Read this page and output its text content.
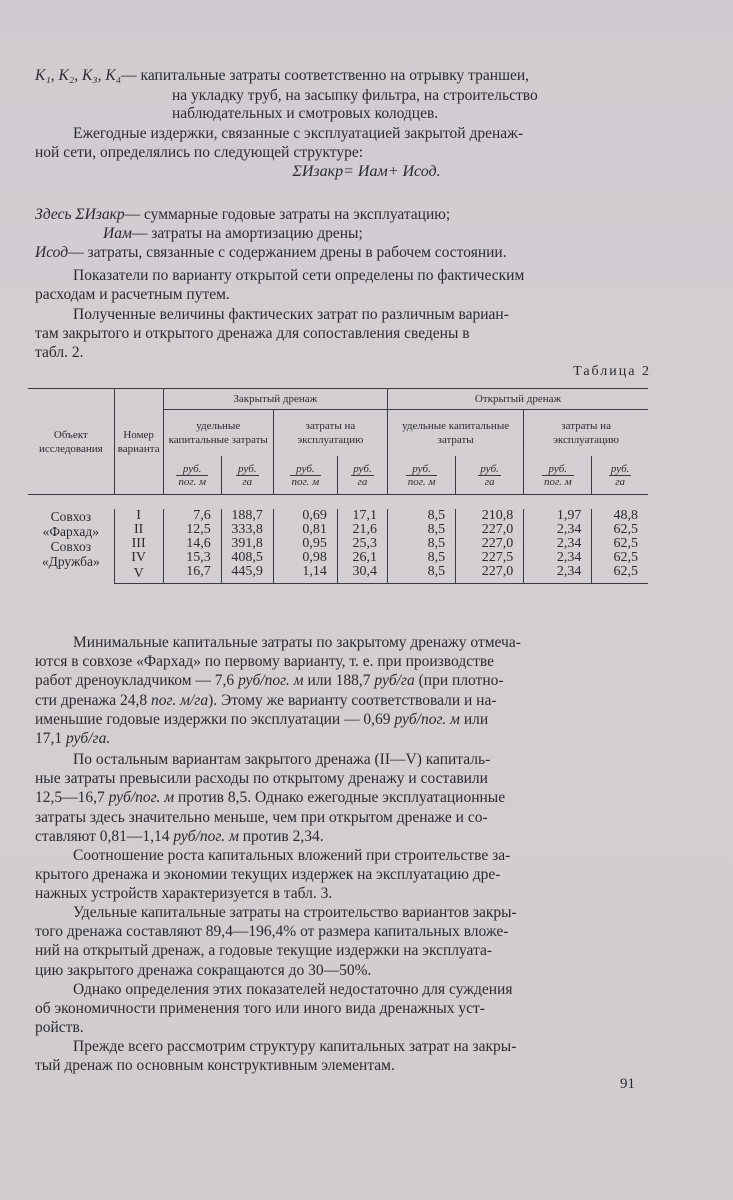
K₁, K₂, K₃, K₄— капитальные затраты соответственно на отрывку траншеи,
на укладку труб, на засыпку фильтра, на строительство
наблюдательных и смотровых колодцев.
Ежегодные издержки, связанные с эксплуатацией закрытой дренаж-
ной сети, определялись по следующей структуре:
ΣИзакр= Иам+ Исод.
Здесь ΣИзакр— суммарные годовые затраты на эксплуатацию;
Иам— затраты на амортизацию дрены;
Исод— затраты, связанные с содержанием дрены в рабочем состоянии.
Показатели по варианту открытой сети определены по фактическим
расходам и расчетным путем.
Полученные величины фактических затрат по различным вариан-
там закрытого и открытого дренажа для сопоставления сведены в
табл. 2.
Таблица 2
Объект исследования	Номер варианта	Закрытый дренаж				Открытый дренаж			
		удельные капитальные затраты		затраты на эксплуатацию		удельные капитальные затраты		затраты на эксплуатацию	

		$\frac{\text{руб.}}{\text{пог. м}}$	$\frac{\text{руб.}}{га}$	$\frac{\text{руб.}}{\text{пог. м}}$	$\frac{\text{руб.}}{га}$	$\frac{\text{руб.}}{\text{пог. м}}$	$\frac{\text{руб.}}{га}$	$\frac{\text{руб.}}{\text{пог. м}}$	$\frac{\text{руб.}}{га}$

Совхоз
«Фархад»
Совхоз
«Дружба»	I	7,6	188,7	0,69	17,1	8,5	210,8	1,97	48,8
	II	12,5	333,8	0,81	21,6	8,5	227,0	2,34	62,5
	III	14,6	391,8	0,95	25,3	8,5	227,0	2,34	62,5
	IV	15,3	408,5	0,98	26,1	8,5	227,5	2,34	62,5
	V	16,7	445,9	1,14	30,4	8,5	227,0	2,34	62,5
Минимальные капитальные затраты по закрытому дренажу отмеча-
ются в совхозе «Фархад» по первому варианту, т. е. при производстве
работ дреноукладчиком — 7,6 руб/пог. м или 188,7 руб/га (при плотно-
сти дренажа 24,8 пог. м/га). Этому же варианту соответствовали и на-
именьшие годовые издержки по эксплуатации — 0,69 руб/пог. м или
17,1 руб/га.
По остальным вариантам закрытого дренажа (II—V) капиталь-
ные затраты превысили расходы по открытому дренажу и составили
12,5—16,7 руб/пог. м против 8,5. Однако ежегодные эксплуатационные
затраты здесь значительно меньше, чем при открытом дренаже и со-
ставляют 0,81—1,14 руб/пог. м против 2,34.
Соотношение роста капитальных вложений при строительстве за-
крытого дренажа и экономии текущих издержек на эксплуатацию дре-
нажных устройств характеризуется в табл. 3.
Удельные капитальные затраты на строительство вариантов закры-
того дренажа составляют 89,4—196,4% от размера капитальных вложе-
ний на открытый дренаж, а годовые текущие издержки на эксплуата-
цию закрытого дренажа сокращаются до 30—50%.
Однако определения этих показателей недостаточно для суждения
об экономичности применения того или иного вида дренажных уст-
ройств.
Прежде всего рассмотрим структуру капитальных затрат на закры-
тый дренаж по основным конструктивным элементам.
91
